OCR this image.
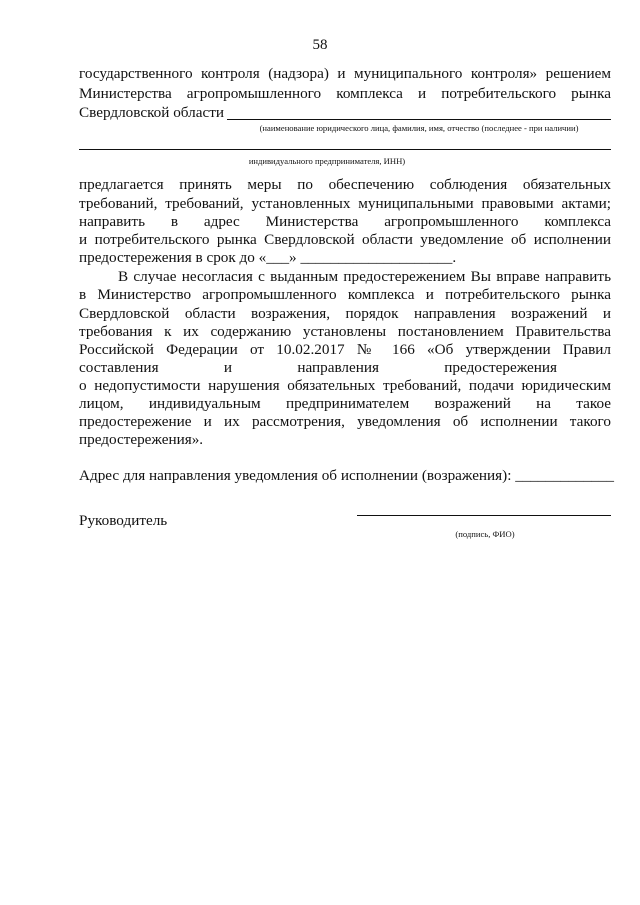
58
государственного контроля (надзора) и муниципального контроля» решением
Министерства агропромышленного комплекса и потребительского рынка
Свердловской области
(наименование юридического лица, фамилия, имя, отчество (последнее - при наличии)
индивидуального предпринимателя, ИНН)
предлагается принять меры по обеспечению соблюдения обязательных
требований, требований, установленных муниципальными правовыми актами;
направить в адрес Министерства агропромышленного комплекса
и потребительского рынка Свердловской области уведомление об исполнении
предостережения в срок до «___» ____________________.
В случае несогласия с выданным предостережением Вы вправе направить
в Министерство агропромышленного комплекса и потребительского рынка
Свердловской области возражения, порядок направления возражений и
требования к их содержанию установлены постановлением Правительства
Российской Федерации от 10.02.2017 № 166 «Об утверждении Правил
составления и направления предостережения
о недопустимости нарушения обязательных требований, подачи юридическим
лицом, индивидуальным предпринимателем возражений на такое
предостережение и их рассмотрения, уведомления об исполнении такого
предостережения».
Адрес для направления уведомления об исполнении (возражения): _____________
Руководитель
(подпись, ФИО)
